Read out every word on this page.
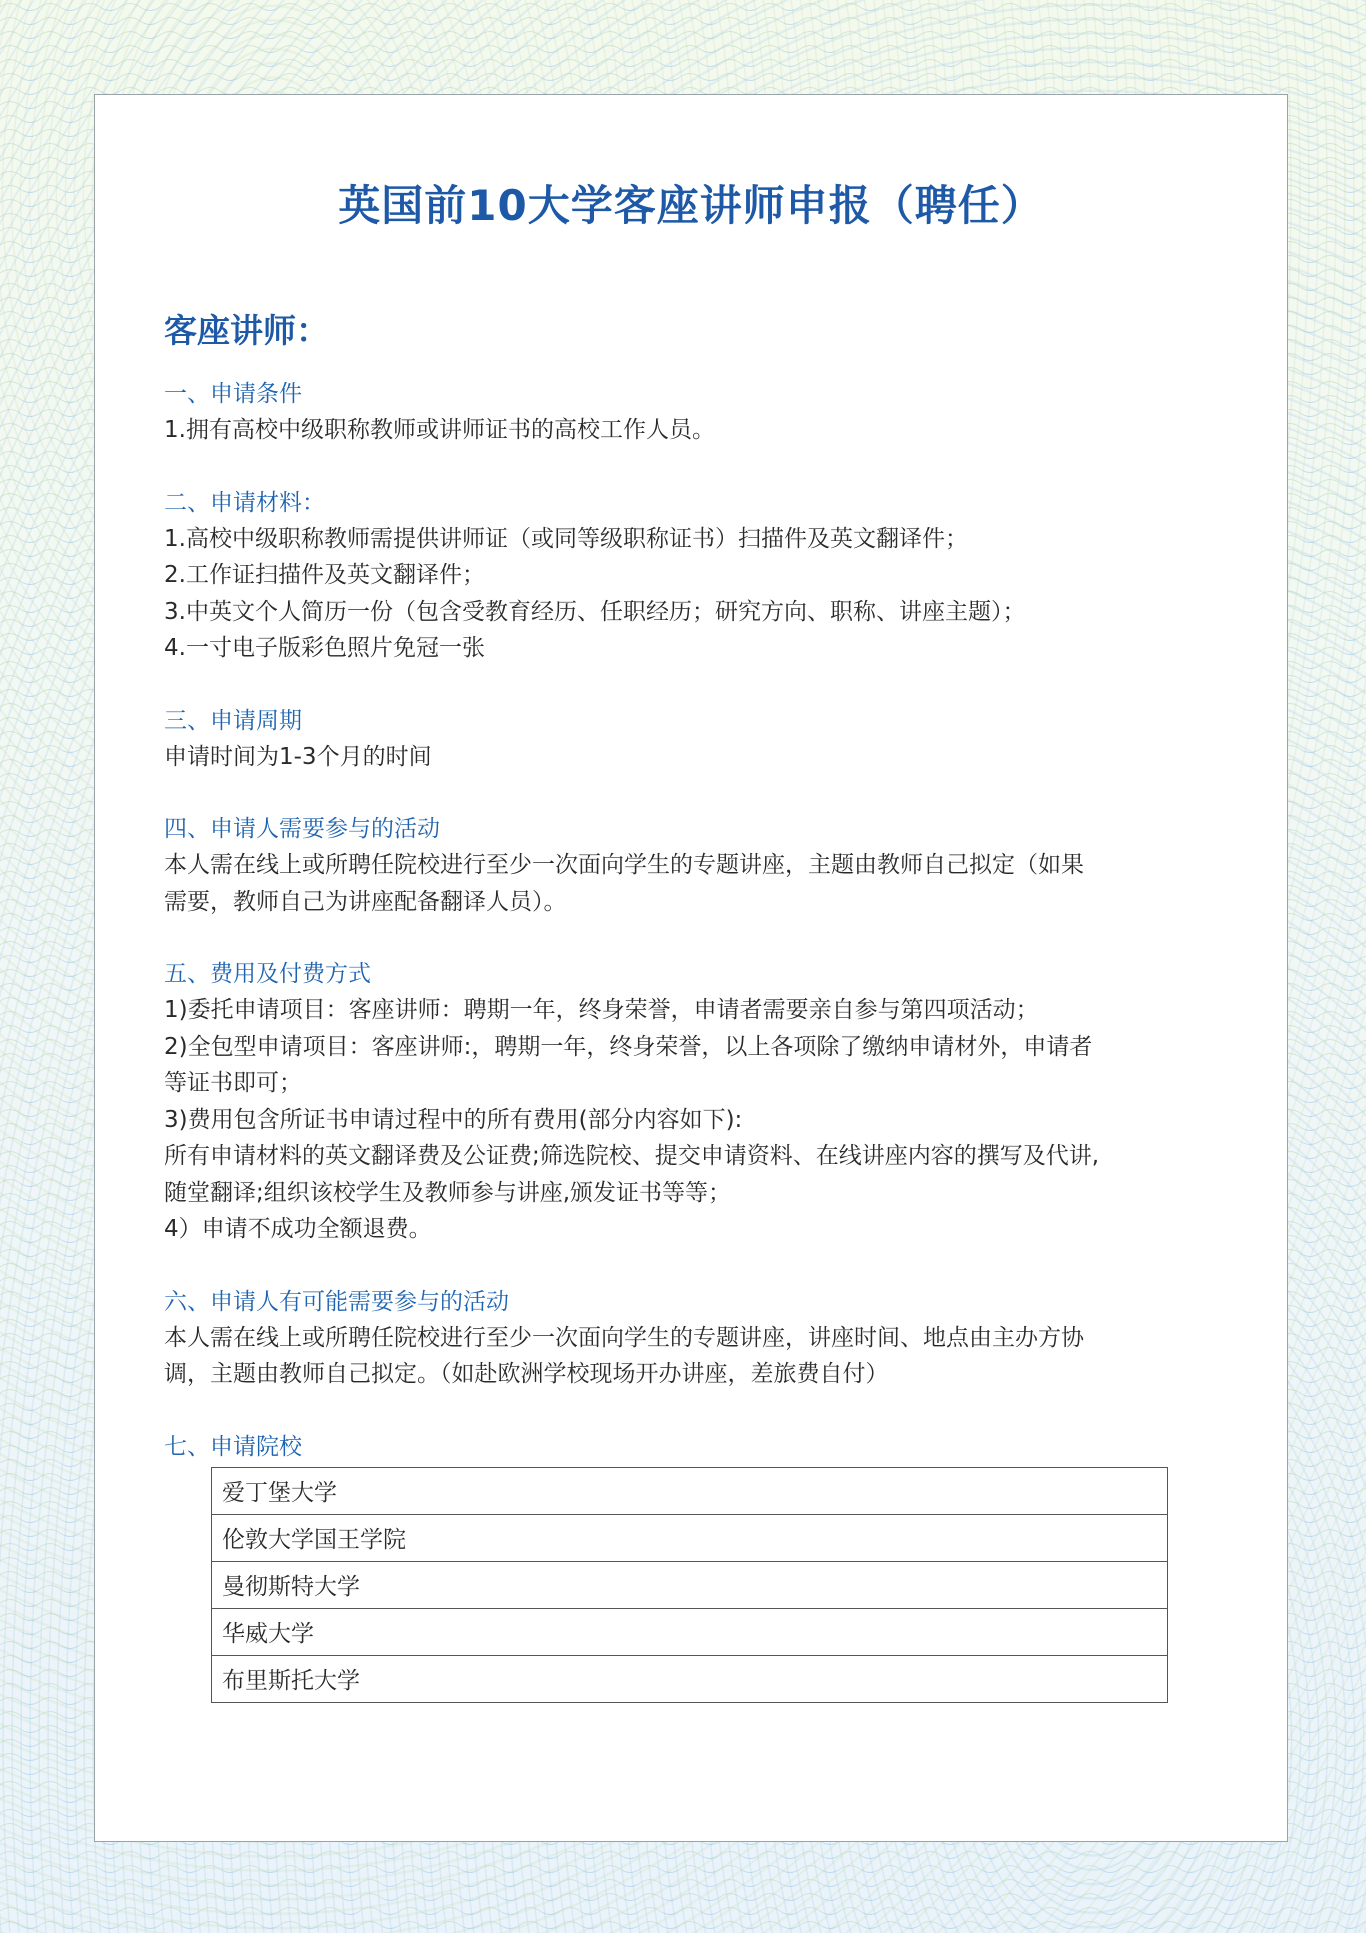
英国前10大学客座讲师申报（聘任）
客座讲师：

一、申请条件

1.拥有高校中级职称教师或讲师证书的高校工作人员。

二、申请材料：

1.高校中级职称教师需提供讲师证（或同等级职称证书）扫描件及英文翻译件；

2.工作证扫描件及英文翻译件；

3.中英文个人简历一份（包含受教育经历、任职经历；研究方向、职称、讲座主题）；

4.一寸电子版彩色照片免冠一张

三、申请周期

申请时间为1-3个月的时间

四、申请人需要参与的活动

本人需在线上或所聘任院校进行至少一次面向学生的专题讲座，主题由教师自己拟定（如果

需要，教师自己为讲座配备翻译人员）。

五、费用及付费方式

1)委托申请项目：客座讲师：聘期一年，终身荣誉，申请者需要亲自参与第四项活动；

2)全包型申请项目：客座讲师:，聘期一年，终身荣誉，以上各项除了缴纳申请材外，申请者

等证书即可；

3)费用包含所证书申请过程中的所有费用(部分内容如下):

所有申请材料的英文翻译费及公证费;筛选院校、提交申请资料、在线讲座内容的撰写及代讲,

随堂翻译;组织该校学生及教师参与讲座,颁发证书等等；

4）申请不成功全额退费。

六、申请人有可能需要参与的活动

本人需在线上或所聘任院校进行至少一次面向学生的专题讲座，讲座时间、地点由主办方协

调，主题由教师自己拟定。（如赴欧洲学校现场开办讲座，差旅费自付）

七、申请院校

爱丁堡大学
伦敦大学国王学院
曼彻斯特大学
华威大学
布里斯托大学
